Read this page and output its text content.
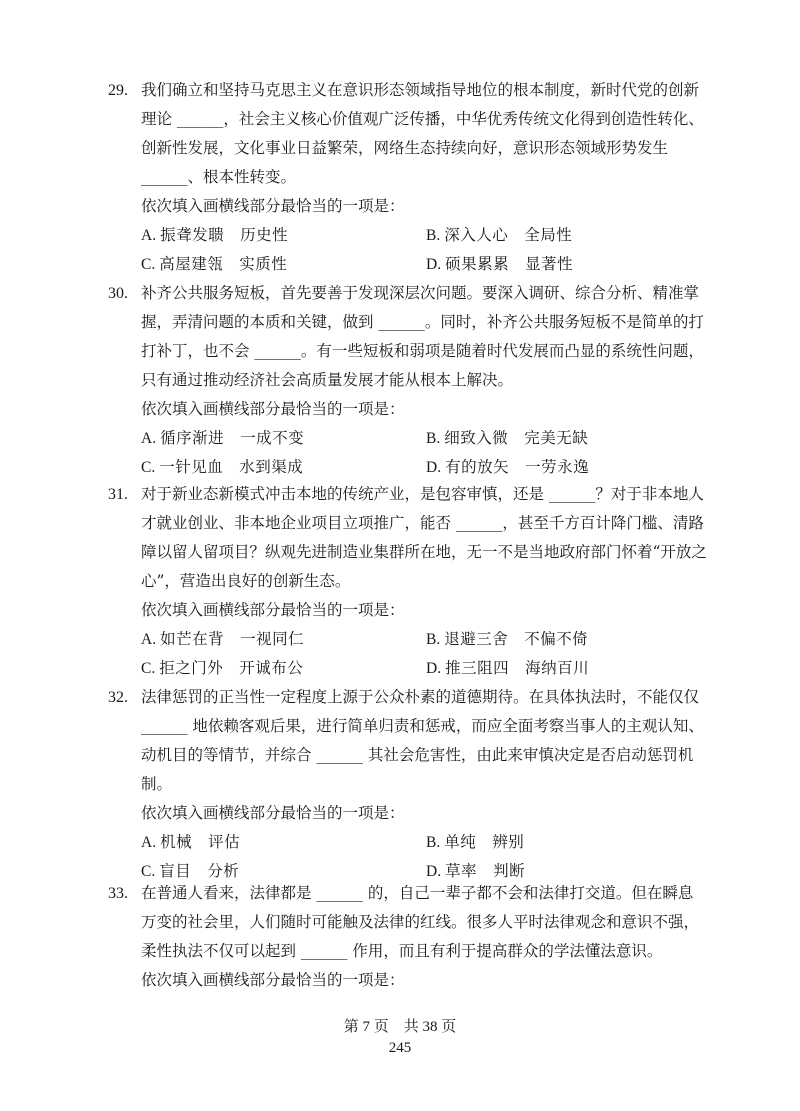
29. 我们确立和坚持马克思主义在意识形态领域指导地位的根本制度，新时代党的创新理论 ______，社会主义核心价值观广泛传播，中华优秀传统文化得到创造性转化、创新性发展，文化事业日益繁荣，网络生态持续向好，意识形态领域形势发生 ______、根本性转变。

依次填入画横线部分最恰当的一项是：

A. 振聋发聩　历史性	B. 深入人心　全局性
C. 高屋建瓴　实质性	D. 硕果累累　显著性

30. 补齐公共服务短板，首先要善于发现深层次问题。要深入调研、综合分析、精准掌握，弄清问题的本质和关键，做到 ______。同时，补齐公共服务短板不是简单的打打补丁，也不会 ______。有一些短板和弱项是随着时代发展而凸显的系统性问题，只有通过推动经济社会高质量发展才能从根本上解决。

依次填入画横线部分最恰当的一项是：

A. 循序渐进　一成不变	B. 细致入微　完美无缺
C. 一针见血　水到渠成	D. 有的放矢　一劳永逸

31. 对于新业态新模式冲击本地的传统产业，是包容审慎，还是 ______？对于非本地人才就业创业、非本地企业项目立项推广，能否 ______，甚至千方百计降门槛、清路障以留人留项目？纵观先进制造业集群所在地，无一不是当地政府部门怀着“开放之心”，营造出良好的创新生态。

依次填入画横线部分最恰当的一项是：

A. 如芒在背　一视同仁	B. 退避三舍　不偏不倚
C. 拒之门外　开诚布公	D. 推三阻四　海纳百川

32. 法律惩罚的正当性一定程度上源于公众朴素的道德期待。在具体执法时，不能仅仅 ______ 地依赖客观后果，进行简单归责和惩戒，而应全面考察当事人的主观认知、动机目的等情节，并综合 ______ 其社会危害性，由此来审慎决定是否启动惩罚机制。

依次填入画横线部分最恰当的一项是：

A. 机械　评估	B. 单纯　辨别
C. 盲目　分析	D. 草率　判断

33. 在普通人看来，法律都是 ______ 的，自己一辈子都不会和法律打交道。但在瞬息万变的社会里，人们随时可能触及法律的红线。很多人平时法律观念和意识不强，柔性执法不仅可以起到 ______ 作用，而且有利于提高群众的学法懂法意识。

依次填入画横线部分最恰当的一项是：

第 7 页　共 38 页
245
